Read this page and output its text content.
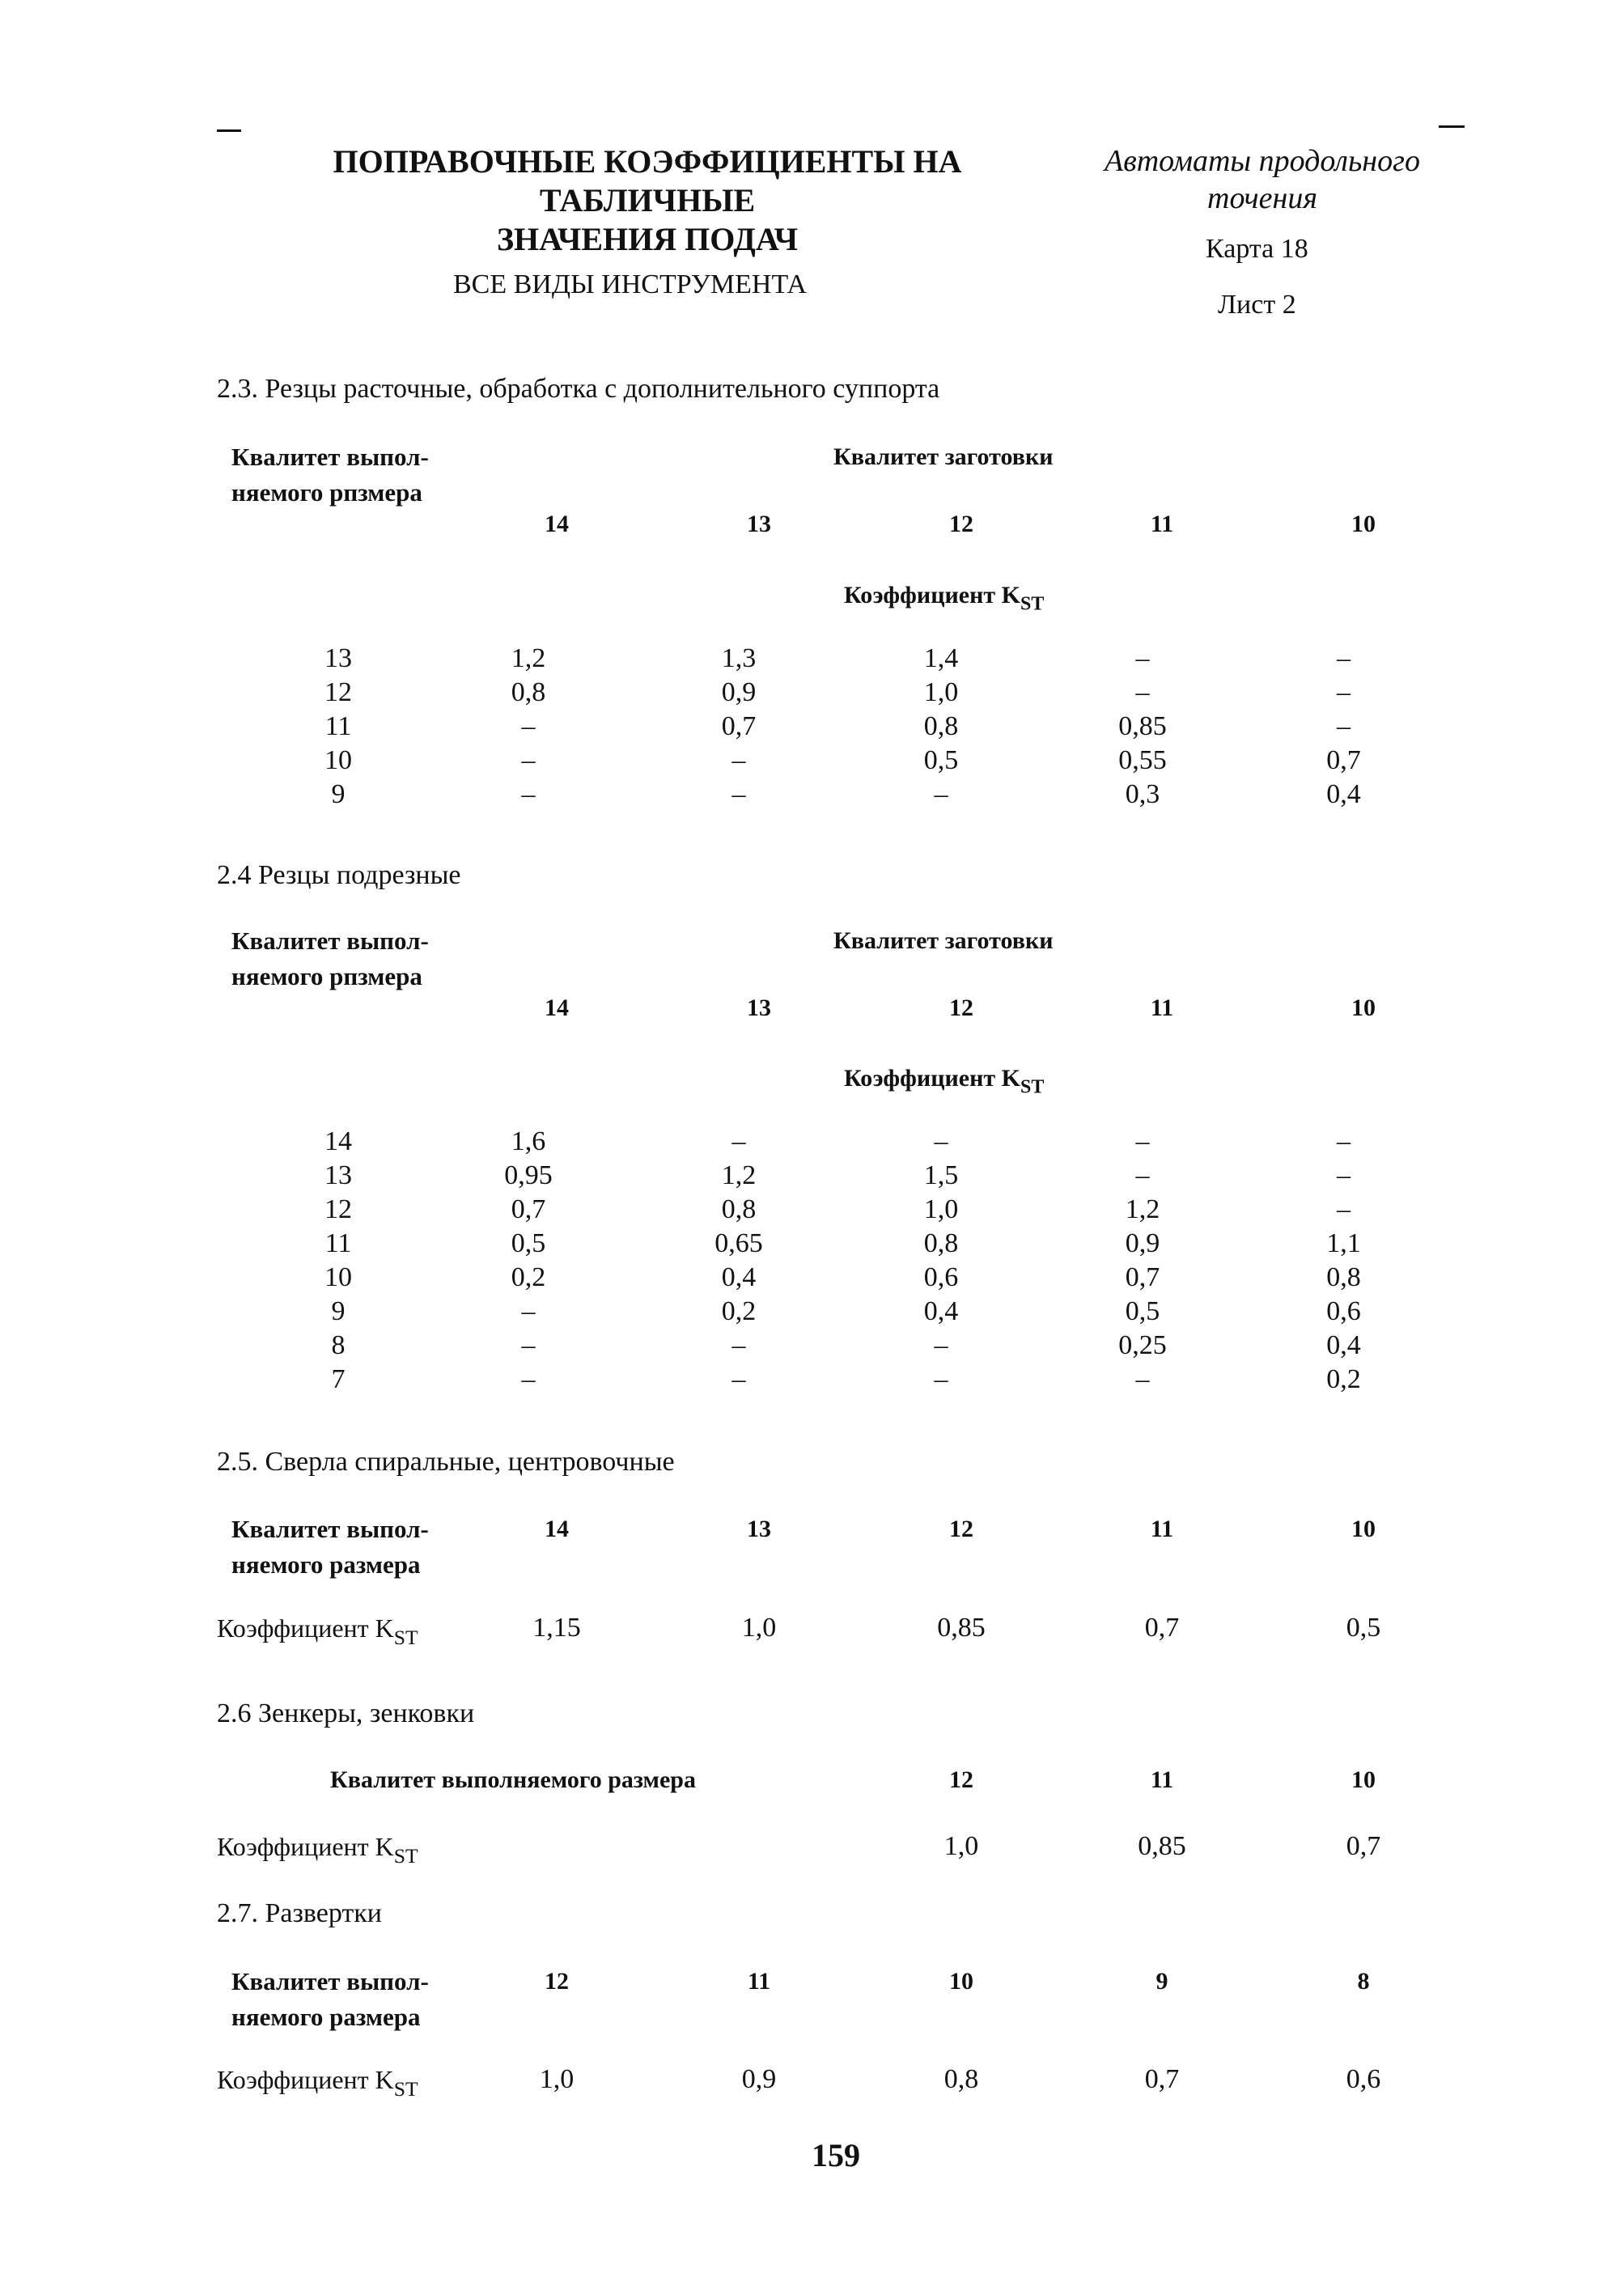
ПОПРАВОЧНЫЕ КОЭФФИЦИЕНТЫ НА ТАБЛИЧНЫЕ
ЗНАЧЕНИЯ ПОДАЧ
ВСЕ ВИДЫ ИНСТРУМЕНТА
Автоматы продольного
точения
Карта 18
Лист 2
2.3. Резцы расточные, обработка с дополнительного суппорта
Квалитет выпол-
няемого рпзмера
Квалитет заготовки
14	13	12	11	10
Коэффициент $K_{ST}$
13	1,2	1,3	1,4	–	–
12	0,8	0,9	1,0	–	–
11	–	0,7	0,8	0,85	–
10	–	–	0,5	0,55	0,7
9	–	–	–	0,3	0,4
2.4 Резцы подрезные
Квалитет выпол-
няемого рпзмера
Квалитет заготовки
14	13	12	11	10
Коэффициент $K_{ST}$
14	1,6	–	–	–	–
13	0,95	1,2	1,5	–	–
12	0,7	0,8	1,0	1,2	–
11	0,5	0,65	0,8	0,9	1,1
10	0,2	0,4	0,6	0,7	0,8
9	–	0,2	0,4	0,5	0,6
8	–	–	–	0,25	0,4
7	–	–	–	–	0,2
2.5. Сверла спиральные, центровочные
Квалитет выпол-
няемого размера
14	13	12	11	10
Коэффициент $K_{ST}$	1,15	1,0	0,85	0,7	0,5
2.6 Зенкеры, зенковки
Квалитет выполняемого размера	12	11	10
Коэффициент $K_{ST}$	1,0	0,85	0,7
2.7. Развертки
Квалитет выпол-
няемого размера
12	11	10	9	8
Коэффициент $K_{ST}$	1,0	0,9	0,8	0,7	0,6
159
